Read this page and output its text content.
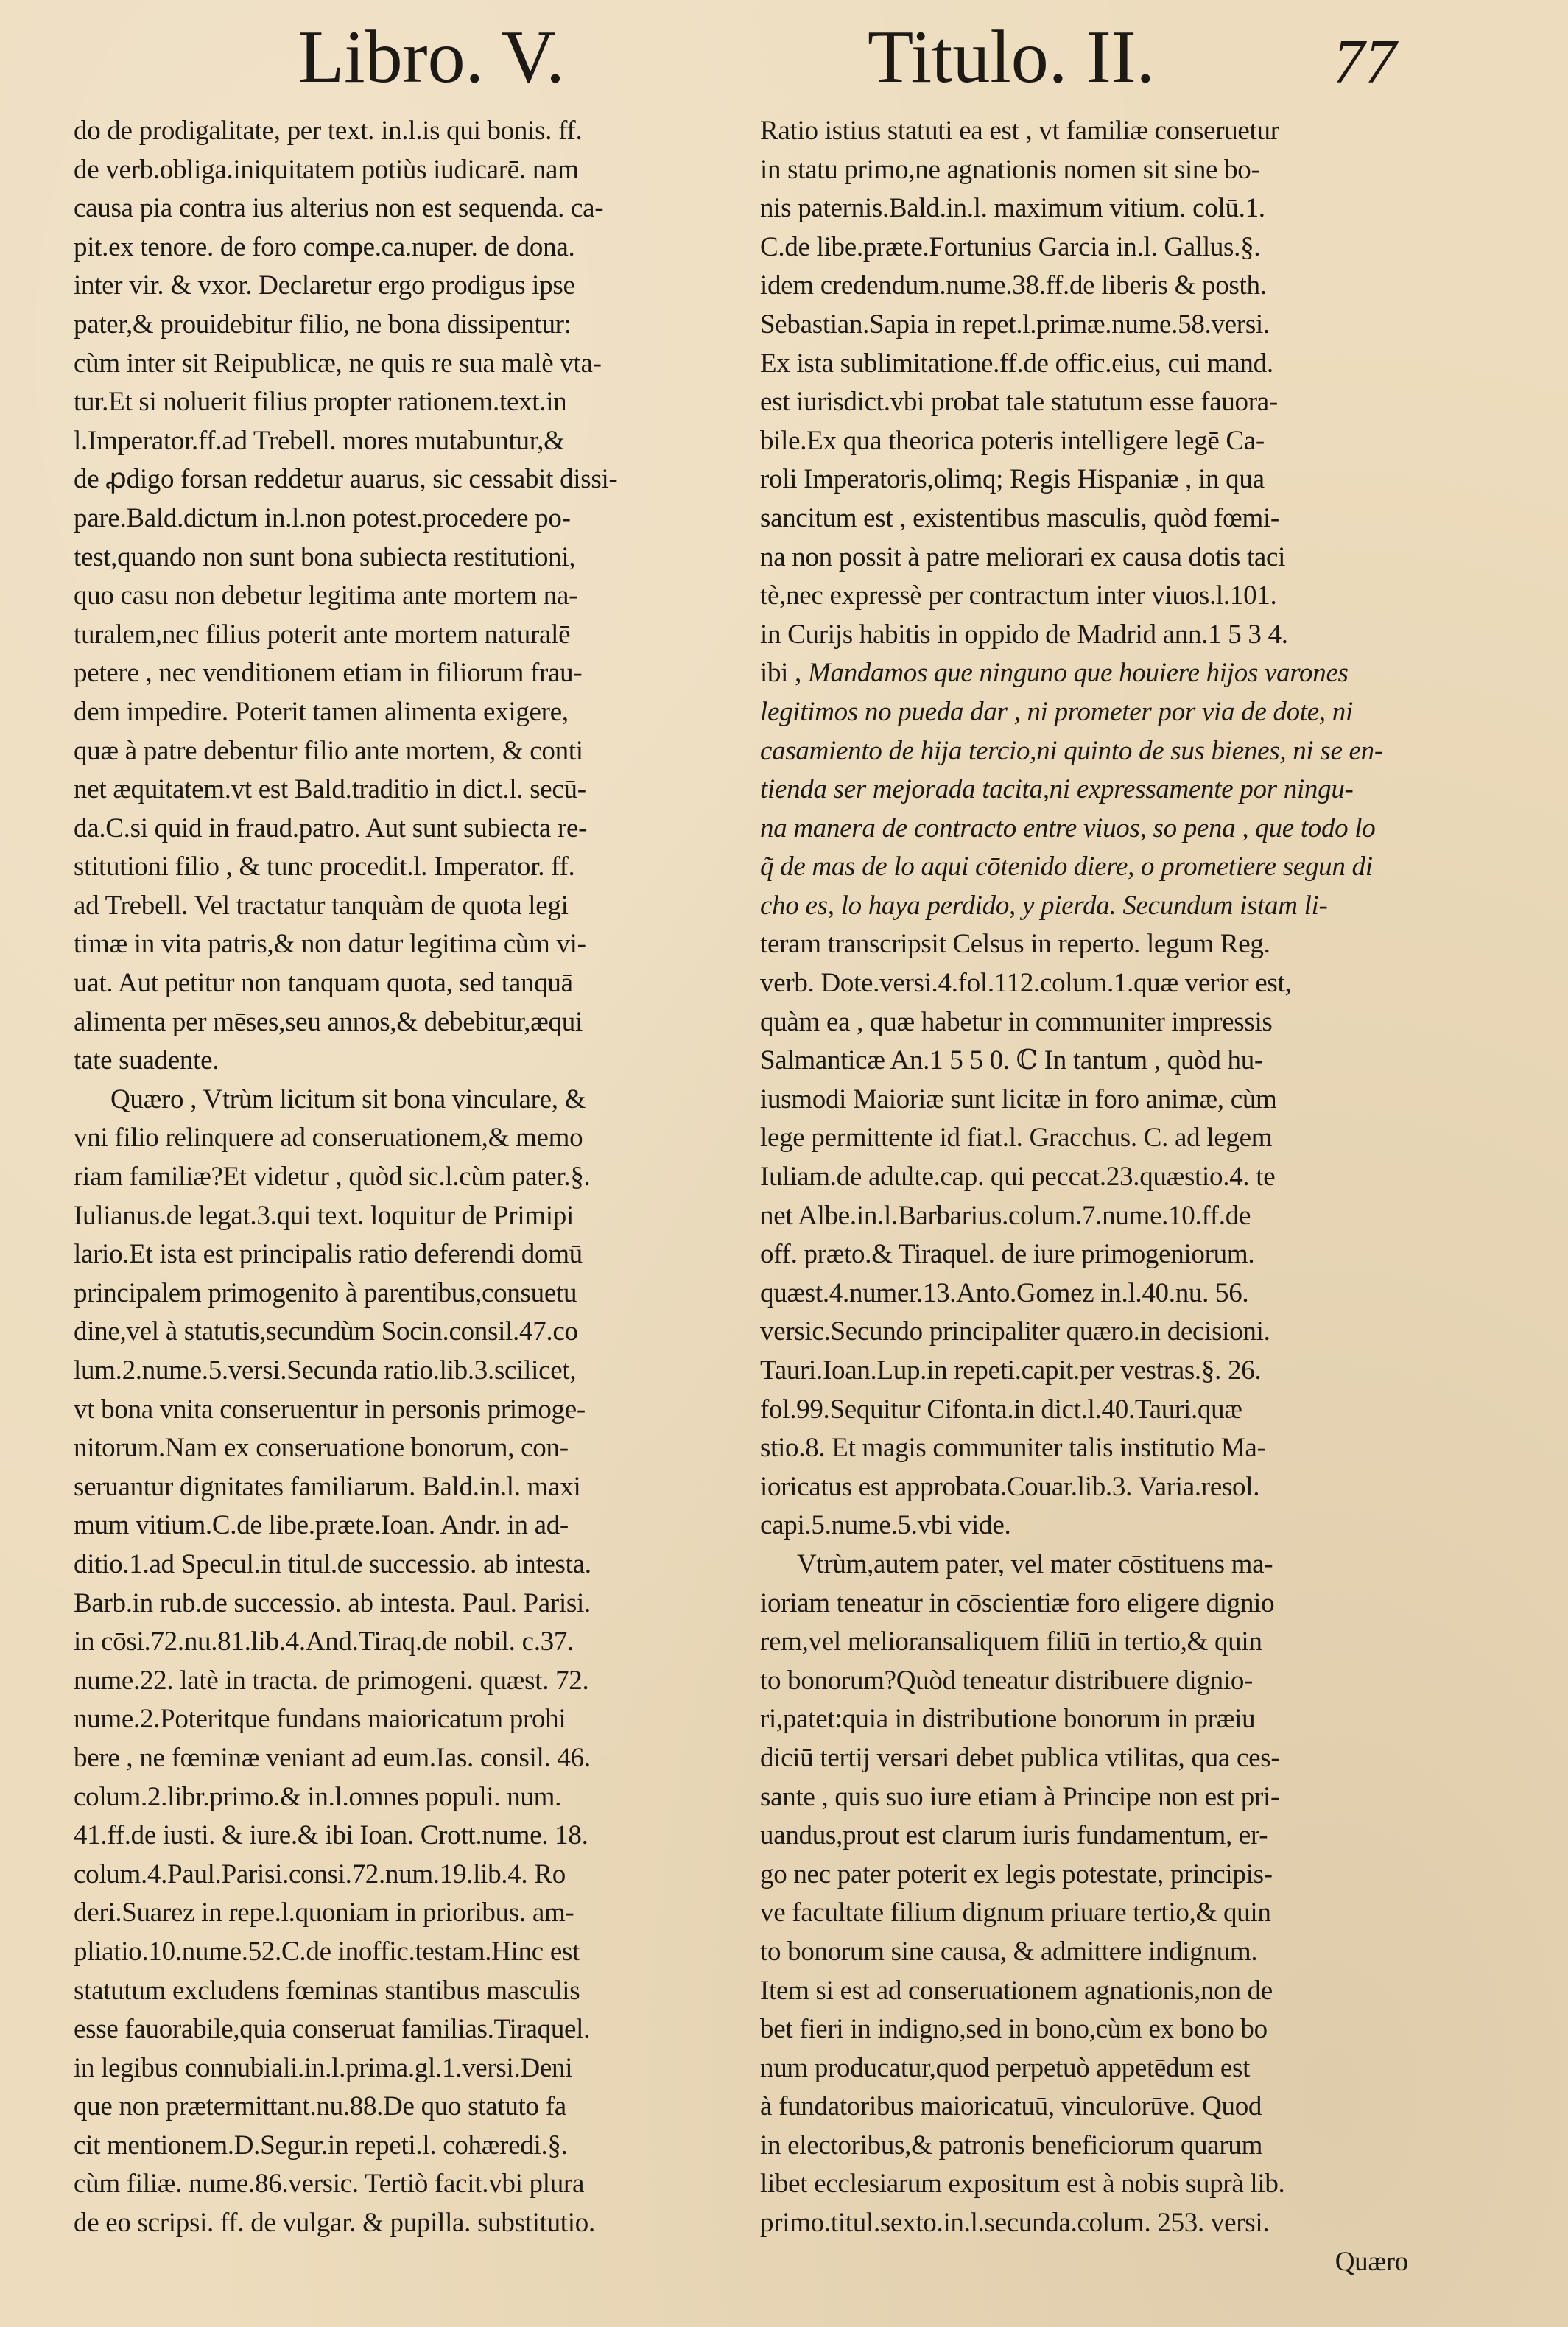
Libro. V.	Titulo. II.	77
do de prodigalitate, per text. in.l.is qui bonis. ff.
de verb.obliga.iniquitatem potiùs iudicarē. nam
causa pia contra ius alterius non est sequenda. ca-
pit.ex tenore. de foro compe.ca.nuper. de dona.
inter vir. & vxor. Declaretur ergo prodigus ipse
pater,& prouidebitur filio, ne bona dissipentur:
cùm inter sit Reipublicæ, ne quis re sua malè vta-
tur.Et si noluerit filius propter rationem.text.in
l.Imperator.ff.ad Trebell. mores mutabuntur,&
de ꝓdigo forsan reddetur auarus, sic cessabit dissi-
pare.Bald.dictum in.l.non potest.procedere po-
test,quando non sunt bona subiecta restitutioni,
quo casu non debetur legitima ante mortem na-
turalem,nec filius poterit ante mortem naturalē
petere , nec venditionem etiam in filiorum frau-
dem impedire. Poterit tamen alimenta exigere,
quæ à patre debentur filio ante mortem, & conti
net æquitatem.vt est Bald.traditio in dict.l. secū-
da.C.si quid in fraud.patro. Aut sunt subiecta re-
stitutioni filio , & tunc procedit.l. Imperator. ff.
ad Trebell. Vel tractatur tanquàm de quota legi
timæ in vita patris,& non datur legitima cùm vi-
uat. Aut petitur non tanquam quota, sed tanquā
alimenta per mēses,seu annos,& debebitur,æqui
tate suadente.
Quæro , Vtrùm licitum sit bona vinculare, &
vni filio relinquere ad conseruationem,& memo
riam familiæ?Et videtur , quòd sic.l.cùm pater.§.
Iulianus.de legat.3.qui text. loquitur de Primipi
lario.Et ista est principalis ratio deferendi domū
principalem primogenito à parentibus,consuetu
dine,vel à statutis,secundùm Socin.consil.47.co
lum.2.nume.5.versi.Secunda ratio.lib.3.scilicet,
vt bona vnita conseruentur in personis primoge-
nitorum.Nam ex conseruatione bonorum, con-
seruantur dignitates familiarum. Bald.in.l. maxi
mum vitium.C.de libe.præte.Ioan. Andr. in ad-
ditio.1.ad Specul.in titul.de successio. ab intesta.
Barb.in rub.de successio. ab intesta. Paul. Parisi.
in cōsi.72.nu.81.lib.4.And.Tiraq.de nobil. c.37.
nume.22. latè in tracta. de primogeni. quæst. 72.
nume.2.Poteritque fundans maioricatum prohi
bere , ne fœminæ veniant ad eum.Ias. consil. 46.
colum.2.libr.primo.& in.l.omnes populi. num.
41.ff.de iusti. & iure.& ibi Ioan. Crott.nume. 18.
colum.4.Paul.Parisi.consi.72.num.19.lib.4. Ro
deri.Suarez in repe.l.quoniam in prioribus. am-
pliatio.10.nume.52.C.de inoffic.testam.Hinc est
statutum excludens fœminas stantibus masculis
esse fauorabile,quia conseruat familias.Tiraquel.
in legibus connubiali.in.l.prima.gl.1.versi.Deni
que non prætermittant.nu.88.De quo statuto fa
cit mentionem.D.Segur.in repeti.l. cohæredi.§.
cùm filiæ. nume.86.versic. Tertiò facit.vbi plura
de eo scripsi. ff. de vulgar. & pupilla. substitutio.
Ratio istius statuti ea est , vt familiæ conseruetur
in statu primo,ne agnationis nomen sit sine bo-
nis paternis.Bald.in.l. maximum vitium. colū.1.
C.de libe.præte.Fortunius Garcia in.l. Gallus.§.
idem credendum.nume.38.ff.de liberis & posth.
Sebastian.Sapia in repet.l.primæ.nume.58.versi.
Ex ista sublimitatione.ff.de offic.eius, cui mand.
est iurisdict.vbi probat tale statutum esse fauora-
bile.Ex qua theorica poteris intelligere legē Ca-
roli Imperatoris,olimq; Regis Hispaniæ , in qua
sancitum est , existentibus masculis, quòd fœmi-
na non possit à patre meliorari ex causa dotis taci
tè,nec expressè per contractum inter viuos.l.101.
in Curijs habitis in oppido de Madrid ann.1 5 3 4.
ibi , Mandamos que ninguno que houiere hijos varones
legitimos no pueda dar , ni prometer por via de dote, ni
casamiento de hija tercio,ni quinto de sus bienes, ni se en-
tienda ser mejorada tacita,ni expressamente por ningu-
na manera de contracto entre viuos, so pena , que todo lo
q̃ de mas de lo aqui cōtenido diere, o prometiere segun di
cho es, lo haya perdido, y pierda. Secundum istam li-
teram transcripsit Celsus in reperto. legum Reg.
verb. Dote.versi.4.fol.112.colum.1.quæ verior est,
quàm ea , quæ habetur in communiter impressis
Salmanticæ An.1 5 5 0. ℂ In tantum , quòd hu-
iusmodi Maioriæ sunt licitæ in foro animæ, cùm
lege permittente id fiat.l. Gracchus. C. ad legem
Iuliam.de adulte.cap. qui peccat.23.quæstio.4. te
net Albe.in.l.Barbarius.colum.7.nume.10.ff.de
off. præto.& Tiraquel. de iure primogeniorum.
quæst.4.numer.13.Anto.Gomez in.l.40.nu. 56.
versic.Secundo principaliter quæro.in decisioni.
Tauri.Ioan.Lup.in repeti.capit.per vestras.§. 26.
fol.99.Sequitur Cifonta.in dict.l.40.Tauri.quæ
stio.8. Et magis communiter talis institutio Ma-
ioricatus est approbata.Couar.lib.3. Varia.resol.
capi.5.nume.5.vbi vide.
Vtrùm,autem pater, vel mater cōstituens ma-
ioriam teneatur in cōscientiæ foro eligere dignio
rem,vel melioransaliquem filiū in tertio,& quin
to bonorum?Quòd teneatur distribuere dignio-
ri,patet:quia in distributione bonorum in præiu
diciū tertij versari debet publica vtilitas, qua ces-
sante , quis suo iure etiam à Principe non est pri-
uandus,prout est clarum iuris fundamentum, er-
go nec pater poterit ex legis potestate, principis-
ve facultate filium dignum priuare tertio,& quin
to bonorum sine causa, & admittere indignum.
Item si est ad conseruationem agnationis,non de
bet fieri in indigno,sed in bono,cùm ex bono bo
num producatur,quod perpetuò appetēdum est
à fundatoribus maioricatuū, vinculorūve. Quod
in electoribus,& patronis beneficiorum quarum
libet ecclesiarum expositum est à nobis suprà lib.
primo.titul.sexto.in.l.secunda.colum. 253. versi.
Quæro
